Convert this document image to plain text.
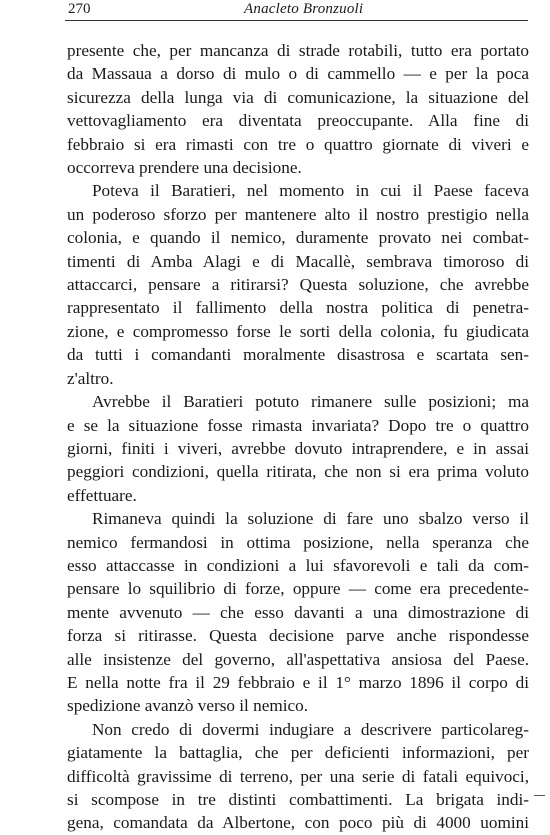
270	Anacleto Bronzuoli

presente che, per mancanza di strade rotabili, tutto era portato
da Massaua a dorso di mulo o di cammello — e per la poca
sicurezza della lunga via di comunicazione, la situazione del
vettovagliamento era diventata preoccupante. Alla fine di
febbraio si era rimasti con tre o quattro giornate di viveri e
occorreva prendere una decisione.

Poteva il Baratieri, nel momento in cui il Paese faceva
un poderoso sforzo per mantenere alto il nostro prestigio nella
colonia, e quando il nemico, duramente provato nei combat-
timenti di Amba Alagi e di Macallè, sembrava timoroso di
attaccarci, pensare a ritirarsi? Questa soluzione, che avrebbe
rappresentato il fallimento della nostra politica di penetra-
zione, e compromesso forse le sorti della colonia, fu giudicata
da tutti i comandanti moralmente disastrosa e scartata sen-
z'altro.

Avrebbe il Baratieri potuto rimanere sulle posizioni; ma
e se la situazione fosse rimasta invariata? Dopo tre o quattro
giorni, finiti i viveri, avrebbe dovuto intraprendere, e in assai
peggiori condizioni, quella ritirata, che non si era prima voluto
effettuare.

Rimaneva quindi la soluzione di fare uno sbalzo verso il
nemico fermandosi in ottima posizione, nella speranza che
esso attaccasse in condizioni a lui sfavorevoli e tali da com-
pensare lo squilibrio di forze, oppure — come era precedente-
mente avvenuto — che esso davanti a una dimostrazione di
forza si ritirasse. Questa decisione parve anche rispondesse
alle insistenze del governo, all'aspettativa ansiosa del Paese.
E nella notte fra il 29 febbraio e il 1° marzo 1896 il corpo di
spedizione avanzò verso il nemico.

Non credo di dovermi indugiare a descrivere particolareg-
giatamente la battaglia, che per deficienti informazioni, per
difficoltà gravissime di terreno, per una serie di fatali equivoci,
si scompose in tre distinti combattimenti. La brigata indi-
gena, comandata da Albertone, con poco più di 4000 uomini
